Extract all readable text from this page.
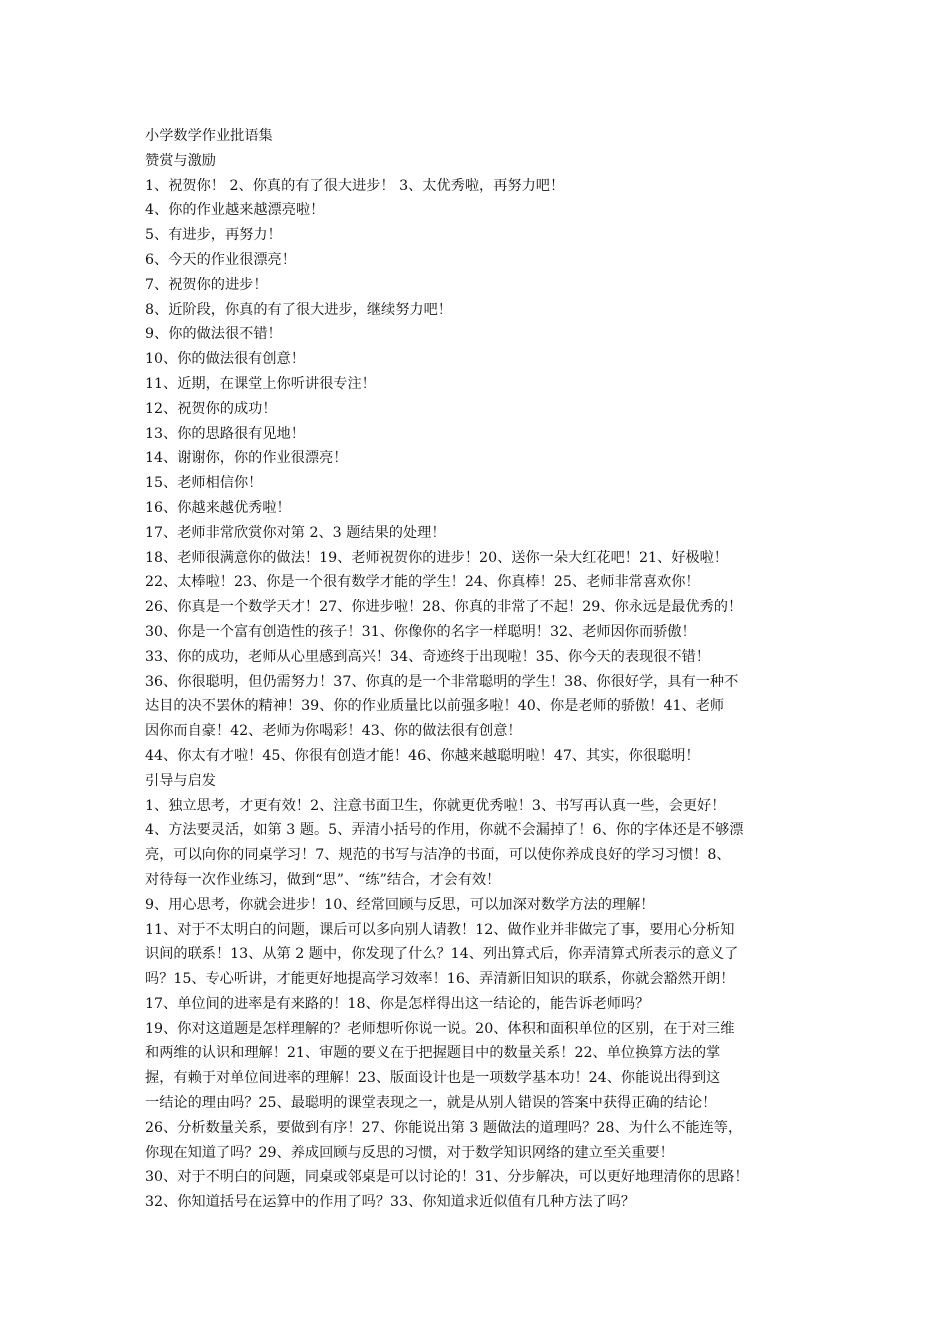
小学数学作业批语集
赞赏与激励
1、祝贺你！ 2、你真的有了很大进步！ 3、太优秀啦，再努力吧！
4、你的作业越来越漂亮啦！
5、有进步，再努力！
6、今天的作业很漂亮！
7、祝贺你的进步！
8、近阶段，你真的有了很大进步，继续努力吧！
9、你的做法很不错！
10、你的做法很有创意！
11、近期，在课堂上你听讲很专注！
12、祝贺你的成功！
13、你的思路很有见地！
14、谢谢你，你的作业很漂亮！
15、老师相信你！
16、你越来越优秀啦！
17、老师非常欣赏你对第 2、3 题结果的处理！
18、老师很满意你的做法！19、老师祝贺你的进步！20、送你一朵大红花吧！21、好极啦！
22、太棒啦！23、你是一个很有数学才能的学生！24、你真棒！25、老师非常喜欢你！
26、你真是一个数学天才！27、你进步啦！28、你真的非常了不起！29、你永远是最优秀的！
30、你是一个富有创造性的孩子！31、你像你的名字一样聪明！32、老师因你而骄傲！
33、你的成功，老师从心里感到高兴！34、奇迹终于出现啦！35、你今天的表现很不错！
36、你很聪明，但仍需努力！37、你真的是一个非常聪明的学生！38、你很好学，具有一种不
达目的决不罢休的精神！39、你的作业质量比以前强多啦！40、你是老师的骄傲！41、老师
因你而自豪！42、老师为你喝彩！43、你的做法很有创意！
44、你太有才啦！45、你很有创造才能！46、你越来越聪明啦！47、其实，你很聪明！
引导与启发
1、独立思考，才更有效！2、注意书面卫生，你就更优秀啦！3、书写再认真一些，会更好！
4、方法要灵活，如第 3 题。5、弄清小括号的作用，你就不会漏掉了！6、你的字体还是不够漂
亮，可以向你的同桌学习！7、规范的书写与洁净的书面，可以使你养成良好的学习习惯！8、
对待每一次作业练习，做到“思”、“练”结合，才会有效！
9、用心思考，你就会进步！10、经常回顾与反思，可以加深对数学方法的理解！
11、对于不太明白的问题，课后可以多向别人请教！12、做作业并非做完了事，要用心分析知
识间的联系！13、从第 2 题中，你发现了什么？14、列出算式后，你弄清算式所表示的意义了
吗？15、专心听讲，才能更好地提高学习效率！16、弄清新旧知识的联系，你就会豁然开朗！
17、单位间的进率是有来路的！18、你是怎样得出这一结论的，能告诉老师吗？
19、你对这道题是怎样理解的？老师想听你说一说。20、体积和面积单位的区别，在于对三维
和两维的认识和理解！21、审题的要义在于把握题目中的数量关系！22、单位换算方法的掌
握，有赖于对单位间进率的理解！23、版面设计也是一项数学基本功！24、你能说出得到这
一结论的理由吗？25、最聪明的课堂表现之一，就是从别人错误的答案中获得正确的结论！
26、分析数量关系，要做到有序！27、你能说出第 3 题做法的道理吗？28、为什么不能连等，
你现在知道了吗？29、养成回顾与反思的习惯，对于数学知识网络的建立至关重要！
30、对于不明白的问题，同桌或邻桌是可以讨论的！31、分步解决，可以更好地理清你的思路！
32、你知道括号在运算中的作用了吗？33、你知道求近似值有几种方法了吗？
